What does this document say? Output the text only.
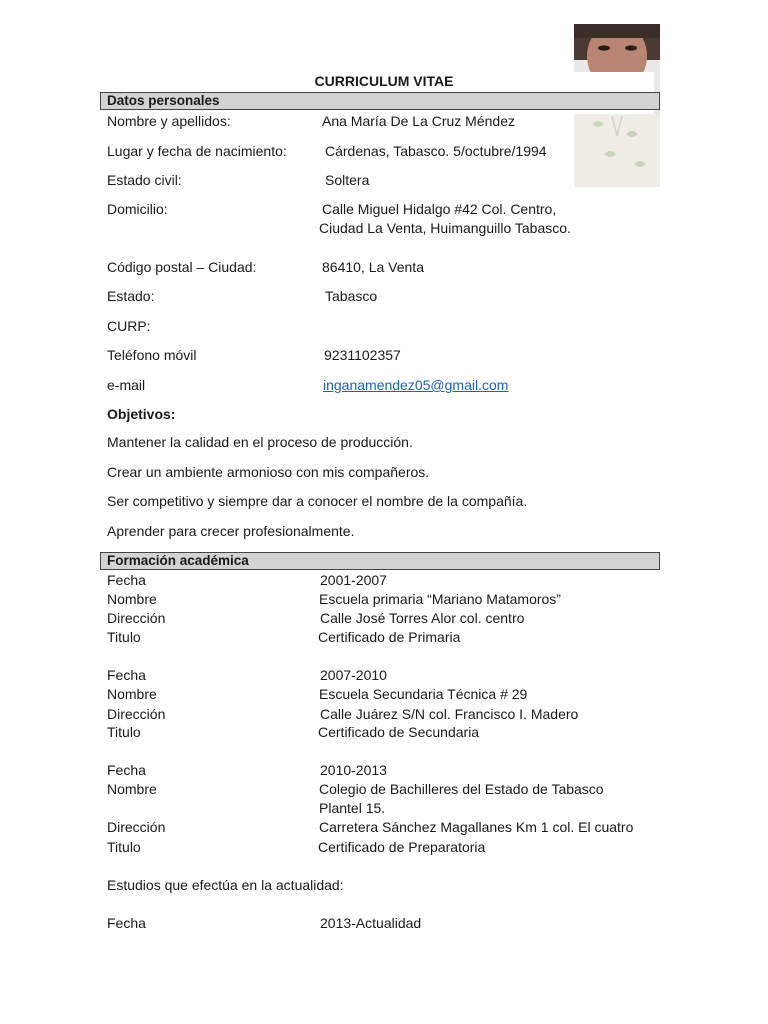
CURRICULUM VITAE
Datos personales
Nombre y apellidos:	Ana María De La Cruz Méndez
Lugar y fecha de nacimiento:	Cárdenas, Tabasco. 5/octubre/1994
Estado civil:	Soltera
Domicilio:	Calle Miguel Hidalgo #42 Col. Centro,
Ciudad La Venta, Huimanguillo Tabasco.
Código postal – Ciudad:	86410, La Venta
Estado:	Tabasco
CURP:
Teléfono móvil	9231102357
e-mail	inganamendez05@gmail.com
Objetivos:
Mantener la calidad en el proceso de producción.
Crear un ambiente armonioso con mis compañeros.
Ser competitivo y siempre dar a conocer el nombre de la compañía.
Aprender para crecer profesionalmente.
Formación académica
Fecha	2001-2007
Nombre	Escuela primaria “Mariano Matamoros”
Dirección	Calle José Torres Alor col. centro
Titulo	Certificado de Primaria
Fecha	2007-2010
Nombre	Escuela Secundaria Técnica # 29
Dirección	Calle Juárez S/N col. Francisco I. Madero
Titulo	Certificado de Secundaria
Fecha	2010-2013
Nombre	Colegio de Bachilleres del Estado de Tabasco
Plantel 15.
Dirección	Carretera Sánchez Magallanes Km 1 col. El cuatro
Titulo	Certificado de Preparatoria
Estudios que efectúa en la actualidad:
Fecha	2013-Actualidad
